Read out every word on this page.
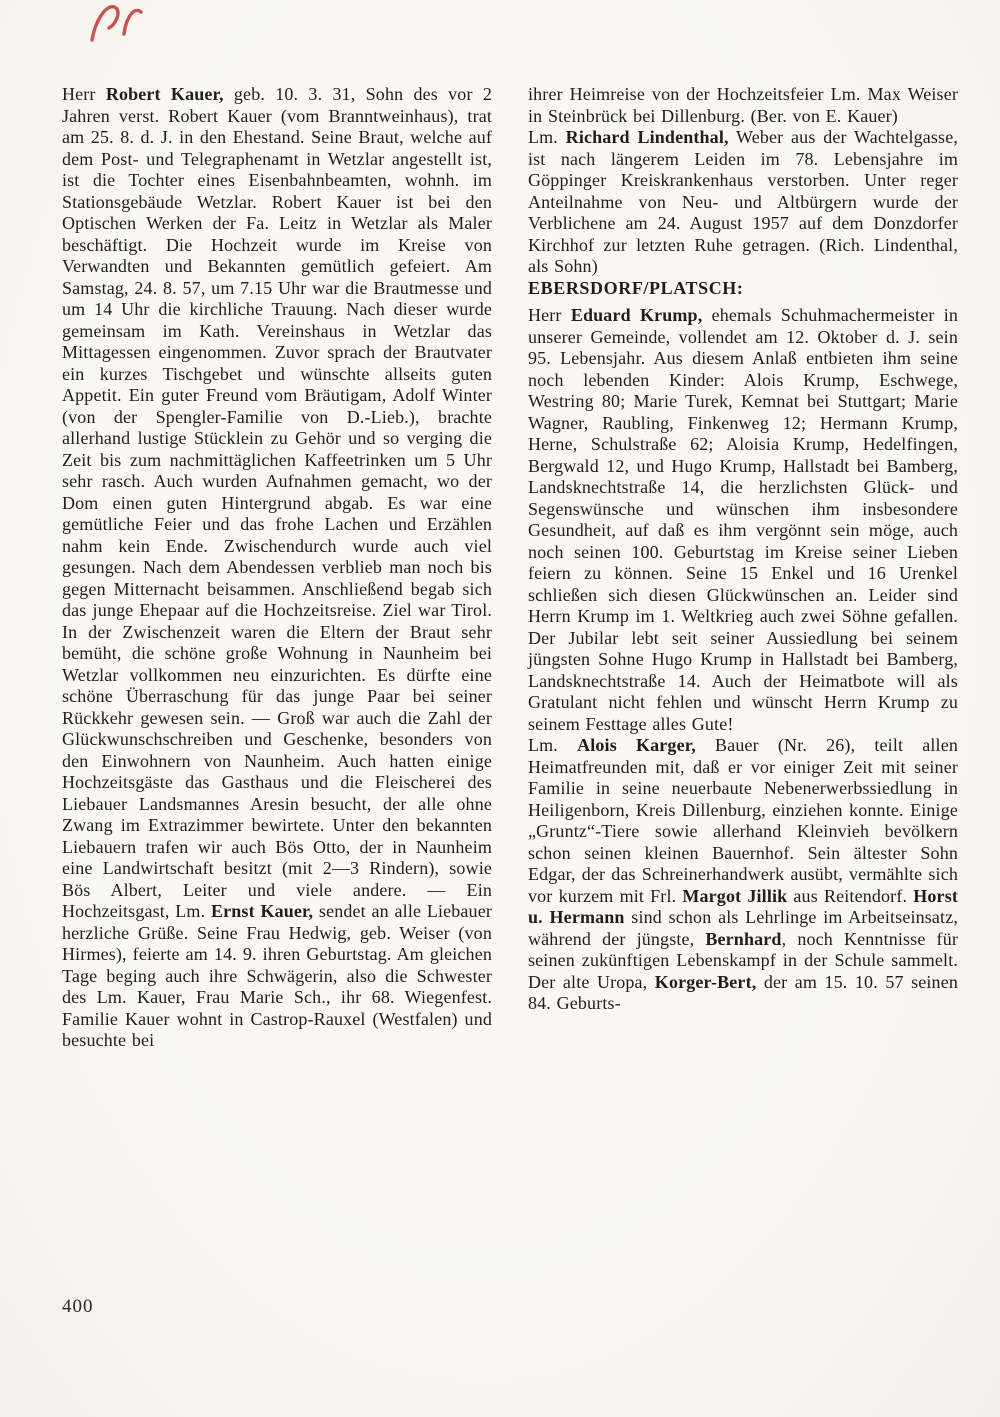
Herr Robert Kauer, geb. 10. 3. 31, Sohn des vor 2 Jahren verst. Robert Kauer (vom Branntweinhaus), trat am 25. 8. d. J. in den Ehestand. Seine Braut, welche auf dem Post- und Telegraphenamt in Wetzlar angestellt ist, ist die Tochter eines Eisenbahnbeamten, wohnh. im Stationsgebäude Wetzlar. Robert Kauer ist bei den Optischen Werken der Fa. Leitz in Wetzlar als Maler beschäftigt. Die Hochzeit wurde im Kreise von Verwandten und Bekannten gemütlich gefeiert. Am Samstag, 24. 8. 57, um 7.15 Uhr war die Brautmesse und um 14 Uhr die kirchliche Trauung. Nach dieser wurde gemeinsam im Kath. Vereinshaus in Wetzlar das Mittagessen eingenommen. Zuvor sprach der Brautvater ein kurzes Tischgebet und wünschte allseits guten Appetit. Ein guter Freund vom Bräutigam, Adolf Winter (von der Spengler-Familie von D.-Lieb.), brachte allerhand lustige Stücklein zu Gehör und so verging die Zeit bis zum nachmittäglichen Kaffeetrinken um 5 Uhr sehr rasch. Auch wurden Aufnahmen gemacht, wo der Dom einen guten Hintergrund abgab. Es war eine gemütliche Feier und das frohe Lachen und Erzählen nahm kein Ende. Zwischendurch wurde auch viel gesungen. Nach dem Abendessen verblieb man noch bis gegen Mitternacht beisammen. Anschließend begab sich das junge Ehepaar auf die Hochzeitsreise. Ziel war Tirol. In der Zwischenzeit waren die Eltern der Braut sehr bemüht, die schöne große Wohnung in Naunheim bei Wetzlar vollkommen neu einzurichten. Es dürfte eine schöne Überraschung für das junge Paar bei seiner Rückkehr gewesen sein. — Groß war auch die Zahl der Glückwunschschreiben und Geschenke, besonders von den Einwohnern von Naunheim. Auch hatten einige Hochzeitsgäste das Gasthaus und die Fleischerei des Liebauer Landsmannes Aresin besucht, der alle ohne Zwang im Extrazimmer bewirtete. Unter den bekannten Liebauern trafen wir auch Bös Otto, der in Naunheim eine Landwirtschaft besitzt (mit 2—3 Rindern), sowie Bös Albert, Leiter und viele andere. — Ein Hochzeitsgast, Lm. Ernst Kauer, sendet an alle Liebauer herzliche Grüße. Seine Frau Hedwig, geb. Weiser (von Hirmes), feierte am 14. 9. ihren Geburtstag. Am gleichen Tage beging auch ihre Schwägerin, also die Schwester des Lm. Kauer, Frau Marie Sch., ihr 68. Wiegenfest. Familie Kauer wohnt in Castrop-Rauxel (Westfalen) und besuchte bei

ihrer Heimreise von der Hochzeitsfeier Lm. Max Weiser in Steinbrück bei Dillenburg. (Ber. von E. Kauer)

Lm. Richard Lindenthal, Weber aus der Wachtelgasse, ist nach längerem Leiden im 78. Lebensjahre im Göppinger Kreiskrankenhaus verstorben. Unter reger Anteilnahme von Neu- und Altbürgern wurde der Verblichene am 24. August 1957 auf dem Donzdorfer Kirchhof zur letzten Ruhe getragen. (Rich. Lindenthal, als Sohn)

EBERSDORF/PLATSCH:

Herr Eduard Krump, ehemals Schuhmachermeister in unserer Gemeinde, vollendet am 12. Oktober d. J. sein 95. Lebensjahr. Aus diesem Anlaß entbieten ihm seine noch lebenden Kinder: Alois Krump, Eschwege, Westring 80; Marie Turek, Kemnat bei Stuttgart; Marie Wagner, Raubling, Finkenweg 12; Hermann Krump, Herne, Schulstraße 62; Aloisia Krump, Hedelfingen, Bergwald 12, und Hugo Krump, Hallstadt bei Bamberg, Landsknechtstraße 14, die herzlichsten Glück- und Segenswünsche und wünschen ihm insbesondere Gesundheit, auf daß es ihm vergönnt sein möge, auch noch seinen 100. Geburtstag im Kreise seiner Lieben feiern zu können. Seine 15 Enkel und 16 Urenkel schließen sich diesen Glückwünschen an. Leider sind Herrn Krump im 1. Weltkrieg auch zwei Söhne gefallen. Der Jubilar lebt seit seiner Aussiedlung bei seinem jüngsten Sohne Hugo Krump in Hallstadt bei Bamberg, Landsknechtstraße 14. Auch der Heimatbote will als Gratulant nicht fehlen und wünscht Herrn Krump zu seinem Festtage alles Gute!

Lm. Alois Karger, Bauer (Nr. 26), teilt allen Heimatfreunden mit, daß er vor einiger Zeit mit seiner Familie in seine neuerbaute Nebenerwerbssiedlung in Heiligenborn, Kreis Dillenburg, einziehen konnte. Einige „Gruntz“-Tiere sowie allerhand Kleinvieh bevölkern schon seinen kleinen Bauernhof. Sein ältester Sohn Edgar, der das Schreinerhandwerk ausübt, vermählte sich vor kurzem mit Frl. Margot Jillik aus Reitendorf. Horst u. Hermann sind schon als Lehrlinge im Arbeitseinsatz, während der jüngste, Bernhard, noch Kenntnisse für seinen zukünftigen Lebenskampf in der Schule sammelt. Der alte Uropa, Korger-Bert, der am 15. 10. 57 seinen 84. Geburts-

400
